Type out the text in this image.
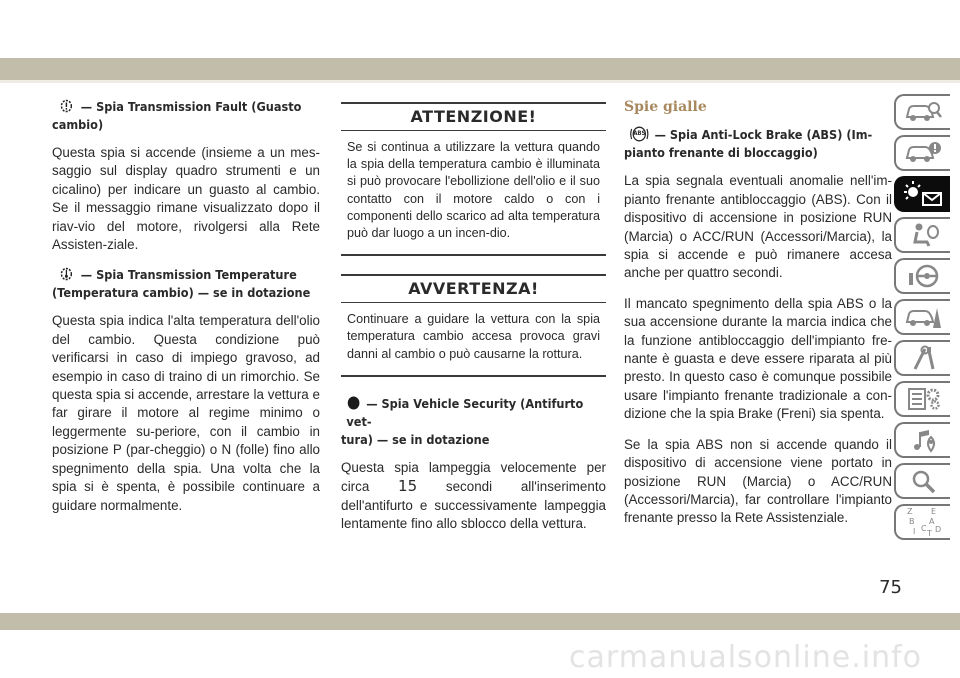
— Spia Transmission Fault (Guasto
cambio)

Questa spia si accende (insieme a un mes-saggio sul display quadro strumenti e un cicalino) per indicare un guasto al cambio. Se il messaggio rimane visualizzato dopo il riav-vio del motore, rivolgersi alla Rete Assisten-ziale.

— Spia Transmission Temperature
(Temperatura cambio) — se in dotazione

Questa spia indica l'alta temperatura dell'olio del cambio. Questa condizione può verificarsi in caso di impiego gravoso, ad esempio in caso di traino di un rimorchio. Se questa spia si accende, arrestare la vettura e far girare il motore al regime minimo o leggermente su-periore, con il cambio in posizione P (par-cheggio) o N (folle) fino allo spegnimento della spia. Una volta che la spia si è spenta, è possibile continuare a guidare normalmente.

ATTENZIONE!
Se si continua a utilizzare la vettura quando la spia della temperatura cambio è illuminata si può provocare l'ebollizione dell'olio e il suo contatto con il motore caldo o con i componenti dello scarico ad alta temperatura può dar luogo a un incen-dio.
AVVERTENZA!
Continuare a guidare la vettura con la spia temperatura cambio accesa provoca gravi danni al cambio o può causarne la rottura.
— Spia Vehicle Security (Antifurto vet-
tura) — se in dotazione

Questa spia lampeggia velocemente per circa 15 secondi all'inserimento dell'antifurto e successivamente lampeggia lentamente fino allo sblocco della vettura.

Spie gialle
ABS — Spia Anti-Lock Brake (ABS) (Im-
pianto frenante di bloccaggio)

La spia segnala eventuali anomalie nell'im-pianto frenante antibloccaggio (ABS). Con il dispositivo di accensione in posizione RUN (Marcia) o ACC/RUN (Accessori/Marcia), la spia si accende e può rimanere accesa anche per quattro secondi.

Il mancato spegnimento della spia ABS o la sua accensione durante la marcia indica che la funzione antibloccaggio dell'impianto fre-nante è guasta e deve essere riparata al più presto. In questo caso è comunque possibile usare l'impianto frenante tradizionale a con-dizione che la spia Brake (Freni) sia spenta.

Se la spia ABS non si accende quando il dispositivo di accensione viene portato in posizione RUN (Marcia) o ACC/RUN (Accessori/Marcia), far controllare l'impianto frenante presso la Rete Assistenziale.	Z E
B A
I C
T D
75
carmanualsonline.info
